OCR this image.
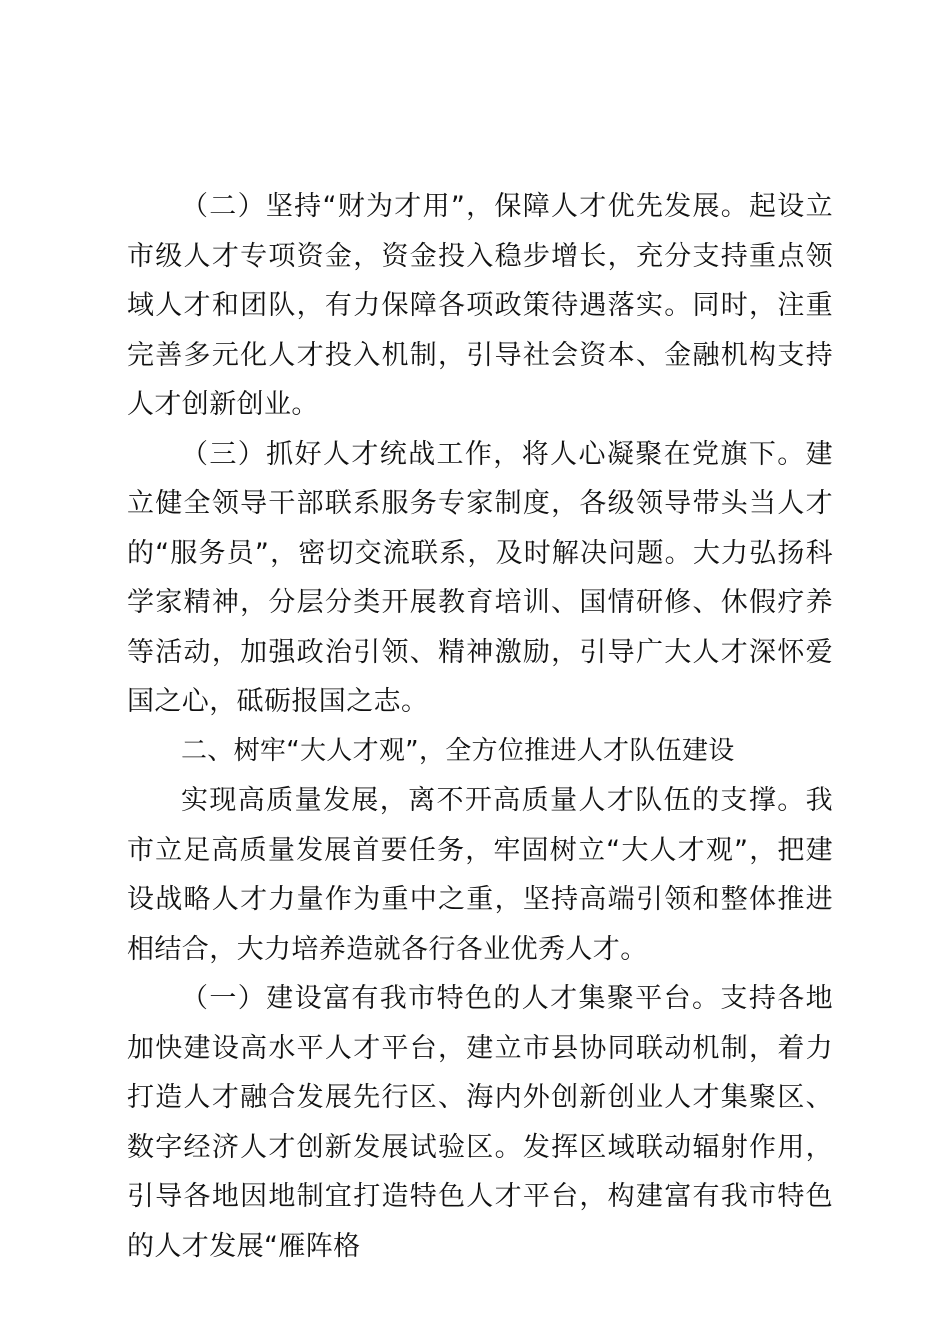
（二）坚持“财为才用”，保障人才优先发展。起设立市级人才专项资金，资金投入稳步增长，充分支持重点领域人才和团队，有力保障各项政策待遇落实。同时，注重完善多元化人才投入机制，引导社会资本、金融机构支持人才创新创业。

（三）抓好人才统战工作，将人心凝聚在党旗下。建立健全领导干部联系服务专家制度，各级领导带头当人才的“服务员”，密切交流联系，及时解决问题。大力弘扬科学家精神，分层分类开展教育培训、国情研修、休假疗养等活动，加强政治引领、精神激励，引导广大人才深怀爱国之心，砥砺报国之志。

二、树牢“大人才观”，全方位推进人才队伍建设

实现高质量发展，离不开高质量人才队伍的支撑。我市立足高质量发展首要任务，牢固树立“大人才观”，把建设战略人才力量作为重中之重，坚持高端引领和整体推进相结合，大力培养造就各行各业优秀人才。

（一）建设富有我市特色的人才集聚平台。支持各地加快建设高水平人才平台，建立市县协同联动机制，着力打造人才融合发展先行区、海内外创新创业人才集聚区、数字经济人才创新发展试验区。发挥区域联动辐射作用，引导各地因地制宜打造特色人才平台，构建富有我市特色的人才发展“雁阵格
